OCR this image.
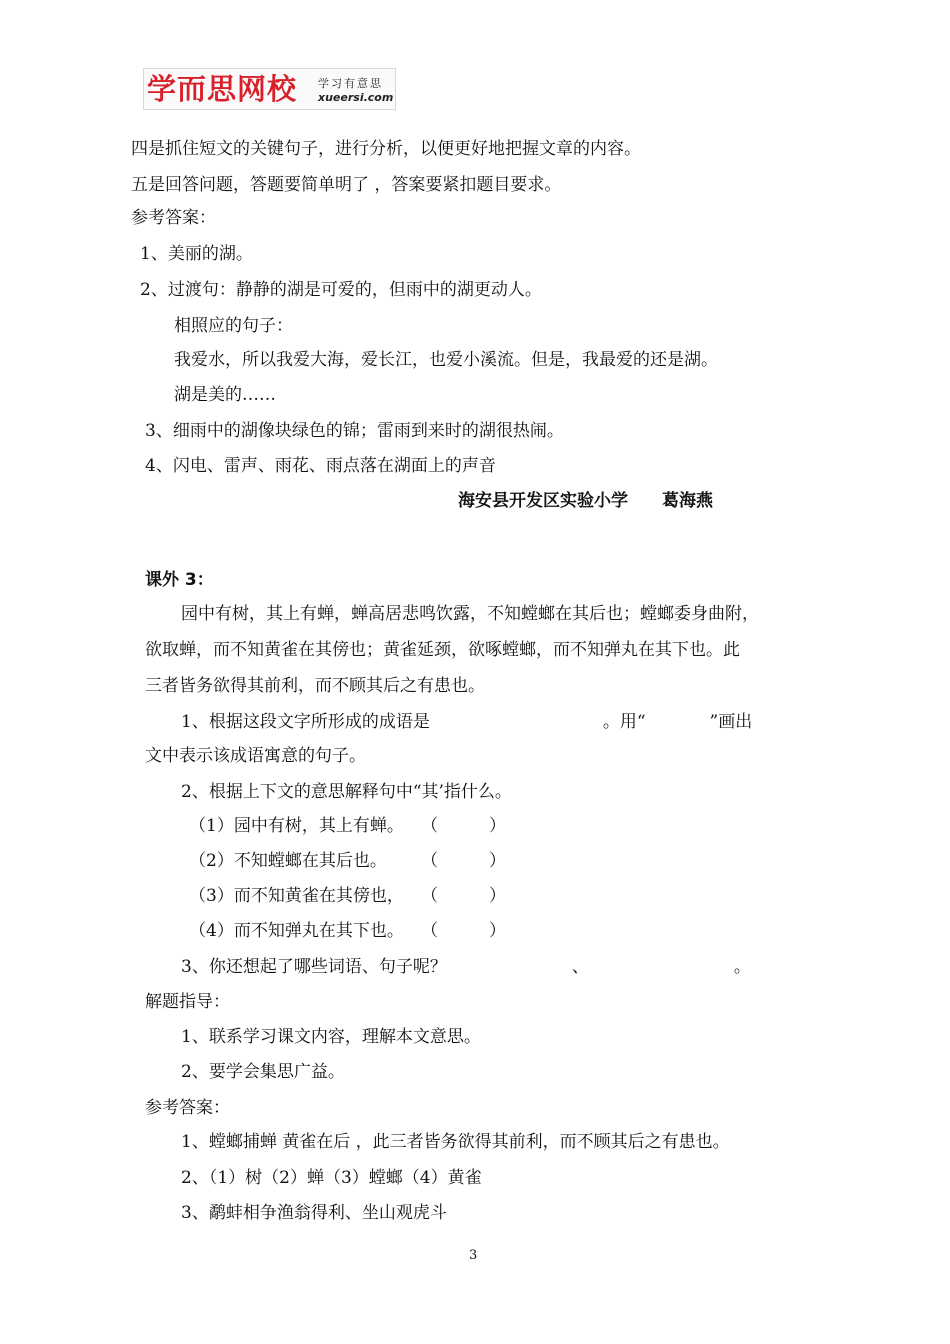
学而思网校 学习有意思
xueersi.com
四是抓住短文的关键句子，进行分析，以便更好地把握文章的内容。
五是回答问题，答题要简单明了 ，答案要紧扣题目要求。
参考答案：
1、美丽的湖。
2、过渡句：静静的湖是可爱的，但雨中的湖更动人。
相照应的句子：
我爱水，所以我爱大海，爱长江，也爱小溪流。但是，我最爱的还是湖。
湖是美的……
3、细雨中的湖像块绿色的锦；雷雨到来时的湖很热闹。
4、闪电、雷声、雨花、雨点落在湖面上的声音
海安县开发区实验小学　　葛海燕
课外 3：
园中有树，其上有蝉，蝉高居悲鸣饮露，不知螳螂在其后也；螳螂委身曲附，
欲取蝉，而不知黄雀在其傍也；黄雀延颈，欲啄螳螂，而不知弹丸在其下也。此
三者皆务欲得其前利，而不顾其后之有患也。
1、根据这段文字所形成的成语是	。用“	”画出
文中表示该成语寓意的句子。
2、根据上下文的意思解释句中“其’指什么。
（1）园中有树，其上有蝉。 （　　　）
（2）不知螳螂在其后也。 （　　　）
（3）而不知黄雀在其傍也， （　　　）
（4）而不知弹丸在其下也。 （　　　）
3、你还想起了哪些词语、句子呢？	、	。
解题指导：
1、联系学习课文内容，理解本文意思。
2、要学会集思广益。
参考答案：
1、螳螂捕蝉 黄雀在后 ，此三者皆务欲得其前利，而不顾其后之有患也。
2、（1）树（2）蝉（3）螳螂（4）黄雀
3、鹬蚌相争渔翁得利、坐山观虎斗
3
